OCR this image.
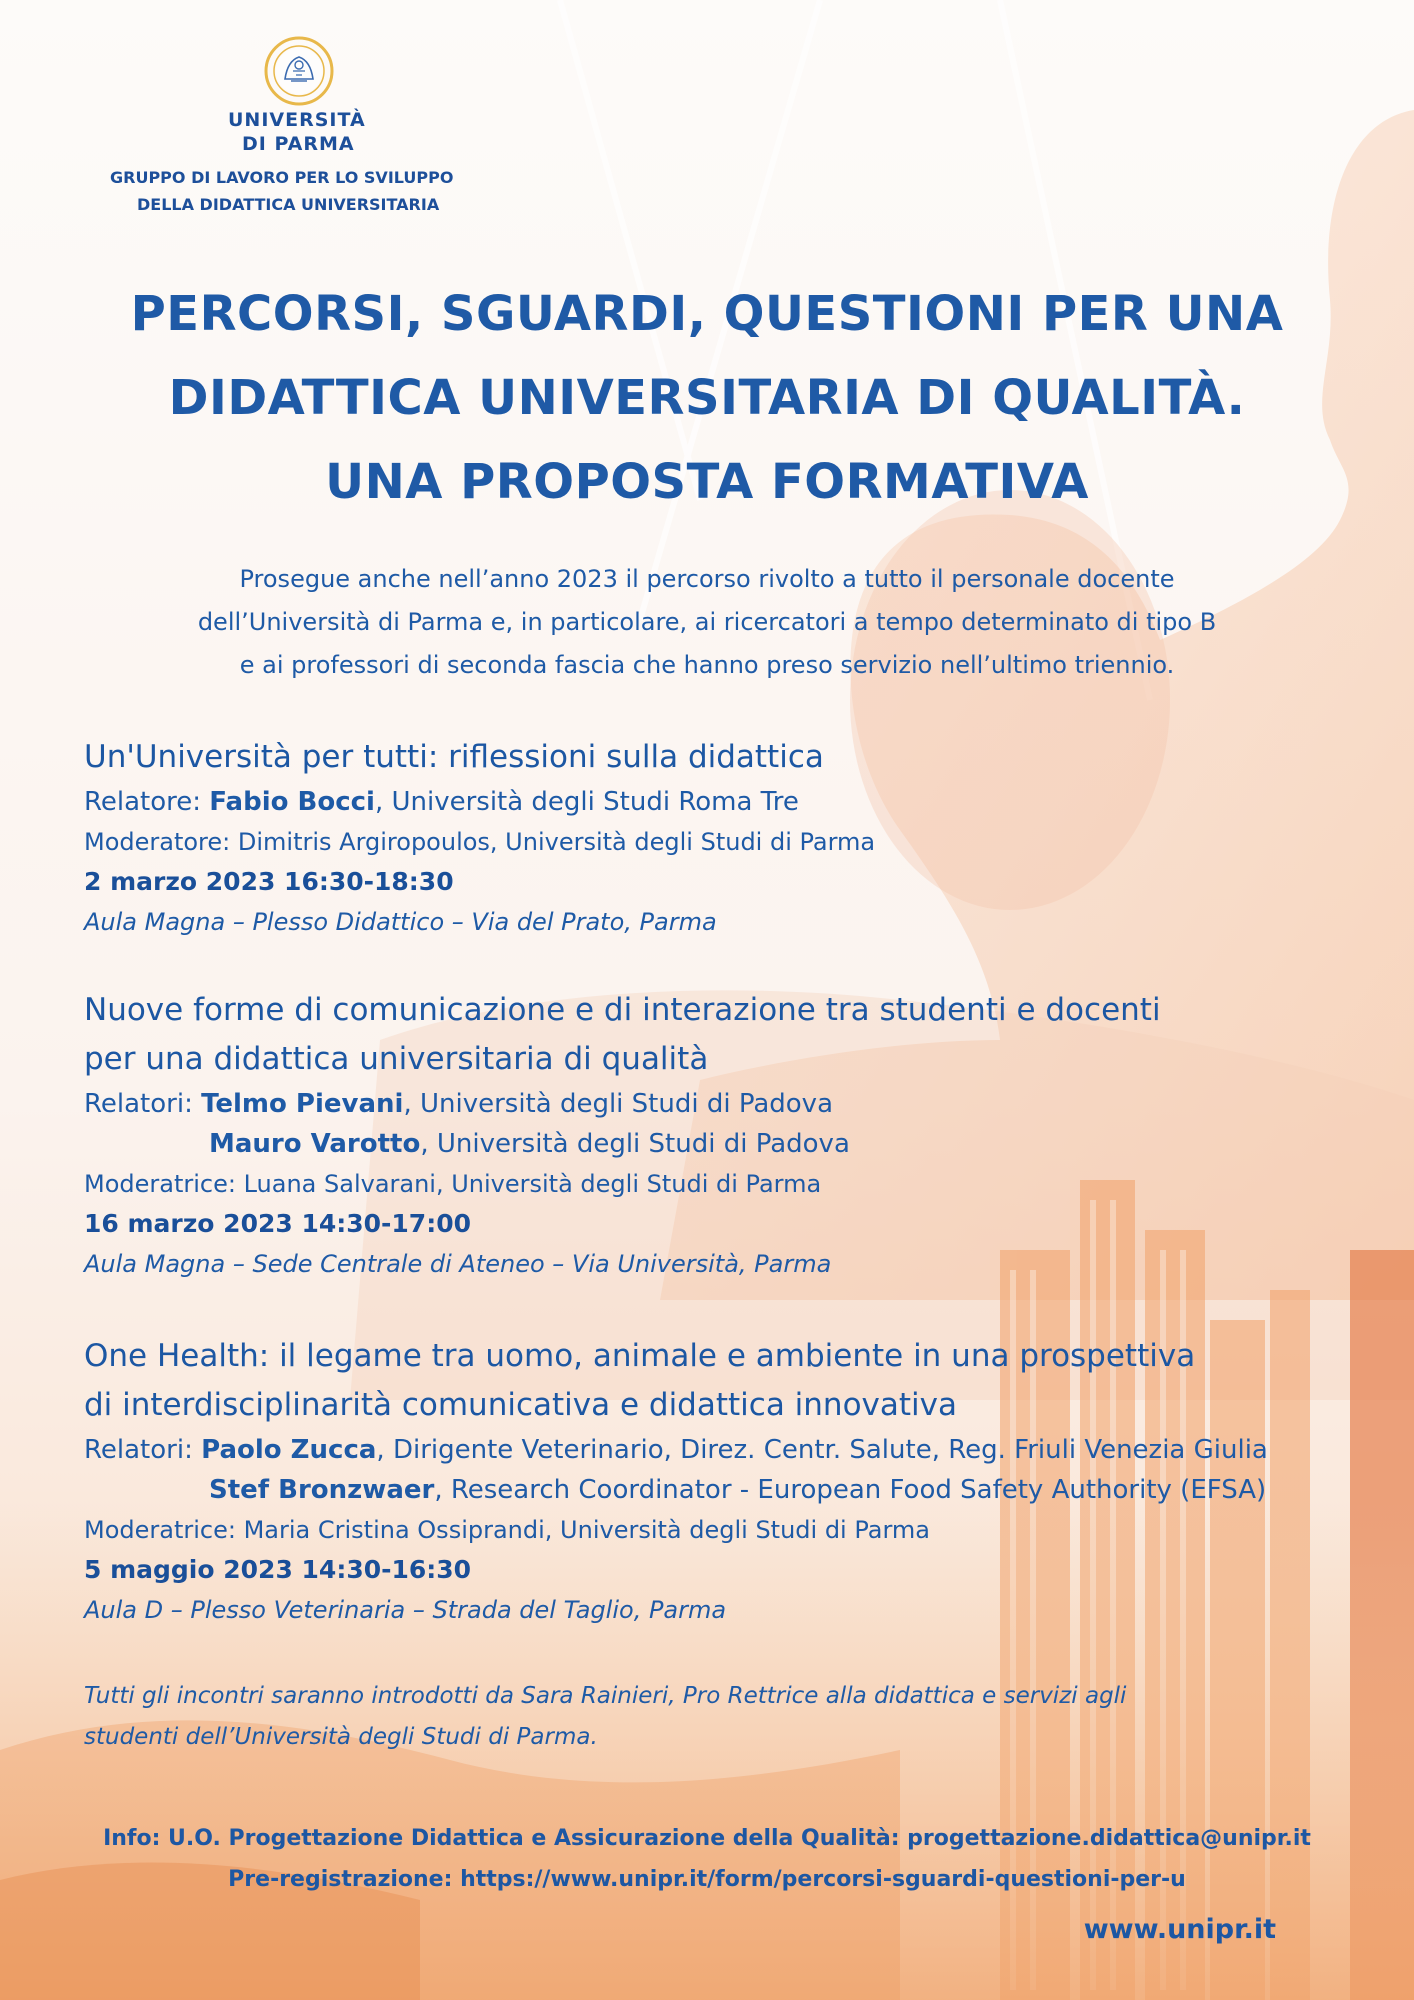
UNIVERSITÀ
DI PARMA
GRUPPO DI LAVORO PER LO SVILUPPO
DELLA DIDATTICA UNIVERSITARIA
PERCORSI, SGUARDI, QUESTIONI PER UNA
DIDATTICA UNIVERSITARIA DI QUALITÀ.
UNA PROPOSTA FORMATIVA
Prosegue anche nell’anno 2023 il percorso rivolto a tutto il personale docente
dell’Università di Parma e, in particolare, ai ricercatori a tempo determinato di tipo B
e ai professori di seconda fascia che hanno preso servizio nell’ultimo triennio.
Un'Università per tutti: riflessioni sulla didattica
Relatore: Fabio Bocci, Università degli Studi Roma Tre
Moderatore: Dimitris Argiropoulos, Università degli Studi di Parma
2 marzo 2023 16:30-18:30
Aula Magna – Plesso Didattico – Via del Prato, Parma
Nuove forme di comunicazione e di interazione tra studenti e docenti
per una didattica universitaria di qualità
Relatori: Telmo Pievani, Università degli Studi di Padova
Mauro Varotto, Università degli Studi di Padova
Moderatrice: Luana Salvarani, Università degli Studi di Parma
16 marzo 2023 14:30-17:00
Aula Magna – Sede Centrale di Ateneo – Via Università, Parma
One Health: il legame tra uomo, animale e ambiente in una prospettiva
di interdisciplinarità comunicativa e didattica innovativa
Relatori: Paolo Zucca, Dirigente Veterinario, Direz. Centr. Salute, Reg. Friuli Venezia Giulia
Stef Bronzwaer, Research Coordinator - European Food Safety Authority (EFSA)
Moderatrice: Maria Cristina Ossiprandi, Università degli Studi di Parma
5 maggio 2023 14:30-16:30
Aula D – Plesso Veterinaria – Strada del Taglio, Parma
Tutti gli incontri saranno introdotti da Sara Rainieri, Pro Rettrice alla didattica e servizi agli
studenti dell’Università degli Studi di Parma.
Info: U.O. Progettazione Didattica e Assicurazione della Qualità: progettazione.didattica@unipr.it
Pre-registrazione: https://www.unipr.it/form/percorsi-sguardi-questioni-per-u
www.unipr.it
